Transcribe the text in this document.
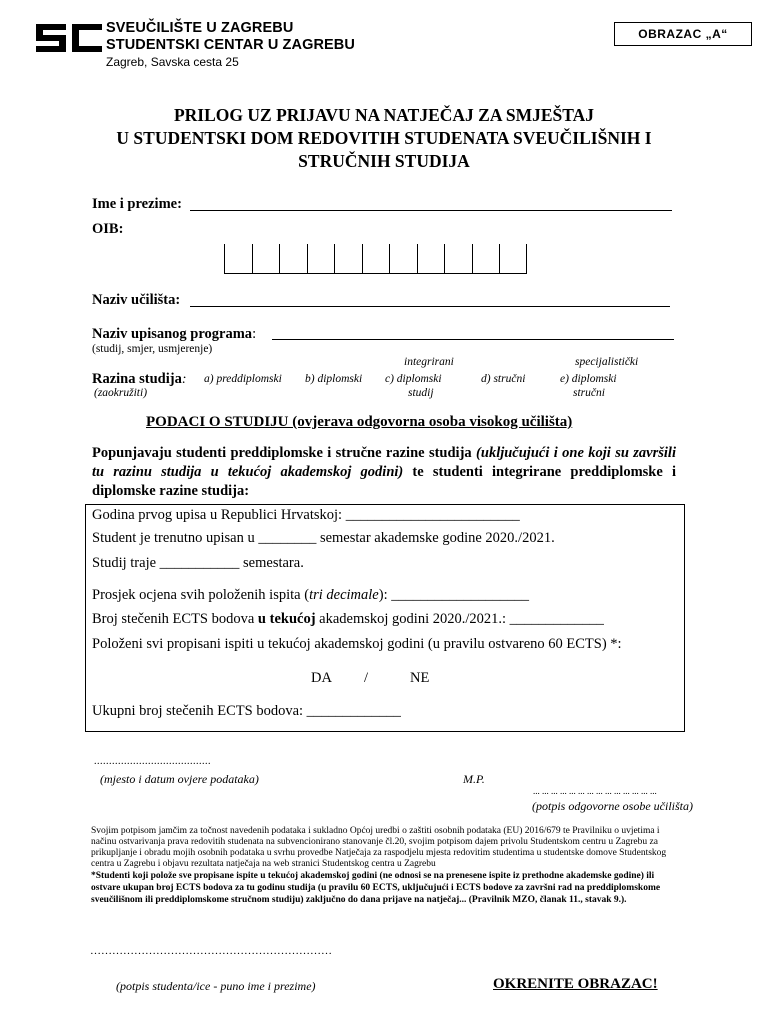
SVEUČILIŠTE U ZAGREBU
STUDENTSKI CENTAR U ZAGREBU
Zagreb, Savska cesta 25
OBRAZAC „A“
PRILOG UZ PRIJAVU NA NATJEČAJ ZA SMJEŠTAJ
U STUDENTSKI DOM REDOVITIH STUDENATA SVEUČILIŠNIH I
STRUČNIH STUDIJA
Ime i prezime:
OIB:
Naziv učilišta:
Naziv upisanog programa:
(studij, smjer, usmjerenje)
integrirani	specijalistički
Razina studija: a) preddiplomski b) diplomski c) diplomski	d) stručni	e) diplomski
(zaokružiti)	studij	stručni
PODACI O STUDIJU (ovjerava odgovorna osoba visokog učilišta)
Popunjavaju studenti preddiplomske i stručne razine studija (uključujući i one koji su završili tu razinu studija u tekućoj akademskoj godini) te studenti integrirane preddiplomske i diplomske razine studija:
Godina prvog upisa u Republici Hrvatskoj: ________________________
Student je trenutno upisan u ________ semestar akademske godine 2020./2021.
Studij traje ___________ semestara.
Prosjek ocjena svih položenih ispita (tri decimale): ___________________
Broj stečenih ECTS bodova u tekućoj akademskoj godini 2020./2021.: _____________
Položeni svi propisani ispiti u tekućoj akademskoj godini (u pravilu ostvareno 60 ECTS) *:
DA /	NE
Ukupni broj stečenih ECTS bodova: _____________
.......................................
(mjesto i datum ovjere podataka)	M.P.
... ... ... ... ... ... ... ... ... ... ... ... ... ...
(potpis odgovorne osobe učilišta)
Svojim potpisom jamčim za točnost navedenih podataka i sukladno Općoj uredbi o zaštiti osobnih podataka (EU) 2016/679 te Pravilniku o uvjetima i
načinu ostvarivanja prava redovitih studenata na subvencionirano stanovanje čl.20, svojim potpisom dajem privolu Studentskom centru u Zagrebu za
prikupljanje i obradu mojih osobnih podataka u svrhu provedbe Natječaja za raspodjelu mjesta redovitim studentima u studentske domove Studentskog
centra u Zagrebu i objavu rezultata natječaja na web stranici Studentskog centra u Zagrebu
*Studenti koji polože sve propisane ispite u tekućoj akademskoj godini (ne odnosi se na prenesene ispite iz prethodne akademske godine) ili
ostvare ukupan broj ECTS bodova za tu godinu studija (u pravilu 60 ECTS, uključujući i ECTS bodove za završni rad na preddiplomskome
sveučilišnom ili preddiplomskome stručnom studiju) zaključno do dana prijave na natječaj... (Pravilnik MZO, članak 11., stavak 9.).
…………………………………………………………
(potpis studenta/ice - puno ime i prezime)	OKRENITE OBRAZAC!
